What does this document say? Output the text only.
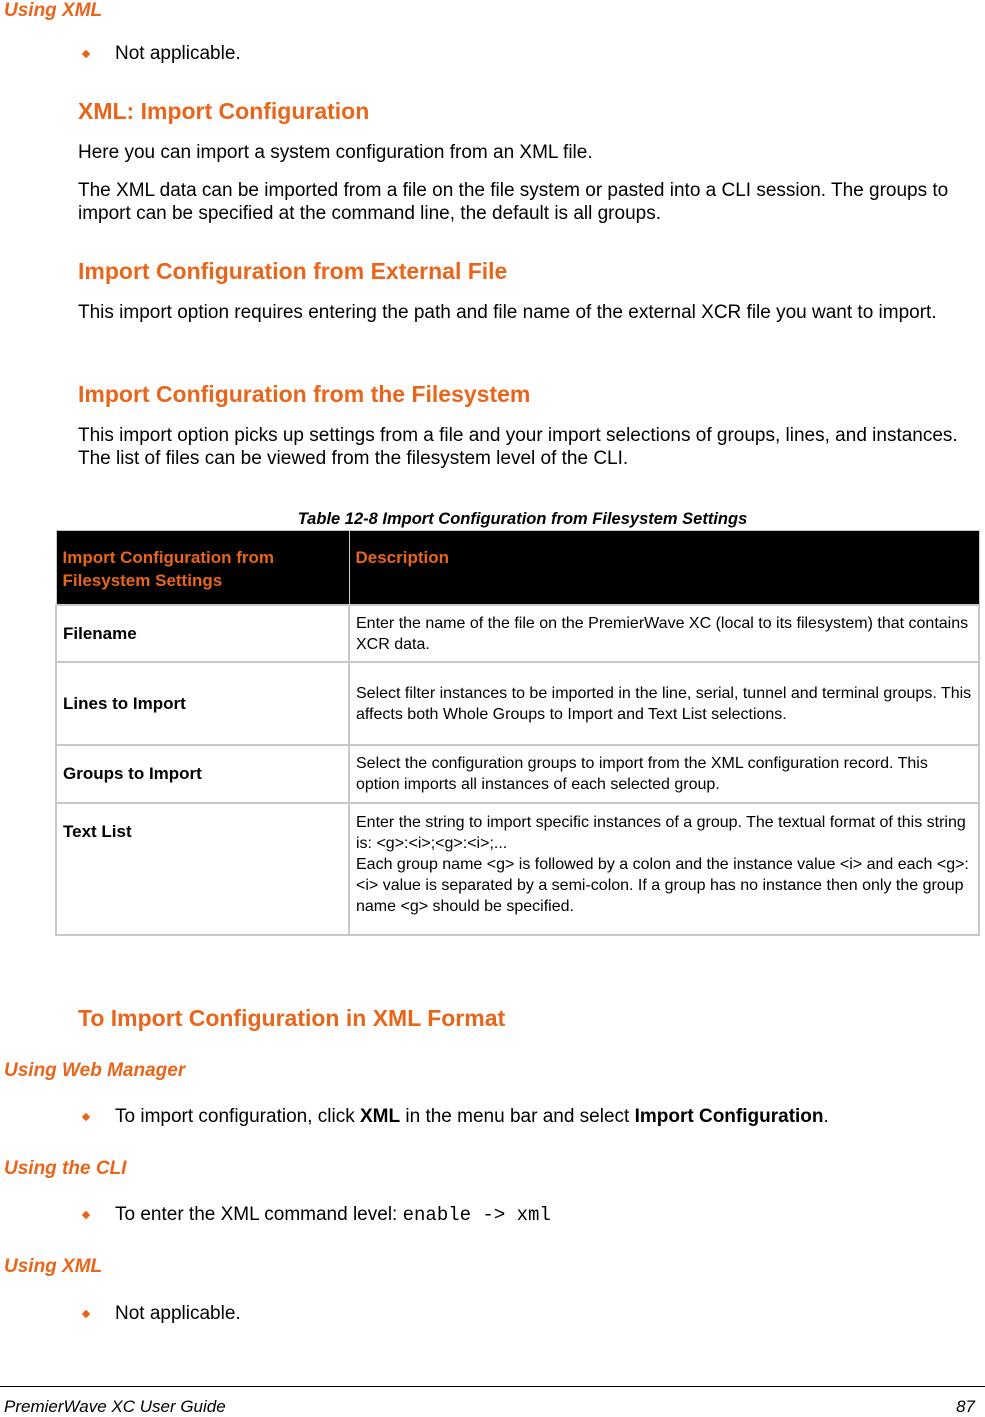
Using XML

Not applicable.
XML: Import Configuration

Here you can import a system configuration from an XML file.

The XML data can be imported from a file on the file system or pasted into a CLI session. The groups to import can be specified at the command line, the default is all groups.

Import Configuration from External File

This import option requires entering the path and file name of the external XCR file you want to import.

Import Configuration from the Filesystem

This import option picks up settings from a file and your import selections of groups, lines, and instances. The list of files can be viewed from the filesystem level of the CLI.

Table 12-8 Import Configuration from Filesystem Settings

Import Configuration from Filesystem Settings	Description
Filename	Enter the name of the file on the PremierWave XC (local to its filesystem) that contains XCR data.
Lines to Import	Select filter instances to be imported in the line, serial, tunnel and terminal groups. This affects both Whole Groups to Import and Text List selections.
Groups to Import	Select the configuration groups to import from the XML configuration record. This option imports all instances of each selected group.
Text List	Enter the string to import specific instances of a group. The textual format of this string is: <g>:<i>;<g>:<i>;...
Each group name <g> is followed by a colon and the instance value <i> and each <g>:<i> value is separated by a semi-colon. If a group has no instance then only the group name <g> should be specified.
To Import Configuration in XML Format

Using Web Manager

To import configuration, click XML in the menu bar and select Import Configuration.

Using the CLI

To enter the XML command level: enable -> xml

Using XML

Not applicable.
PremierWave XC User Guide	87
